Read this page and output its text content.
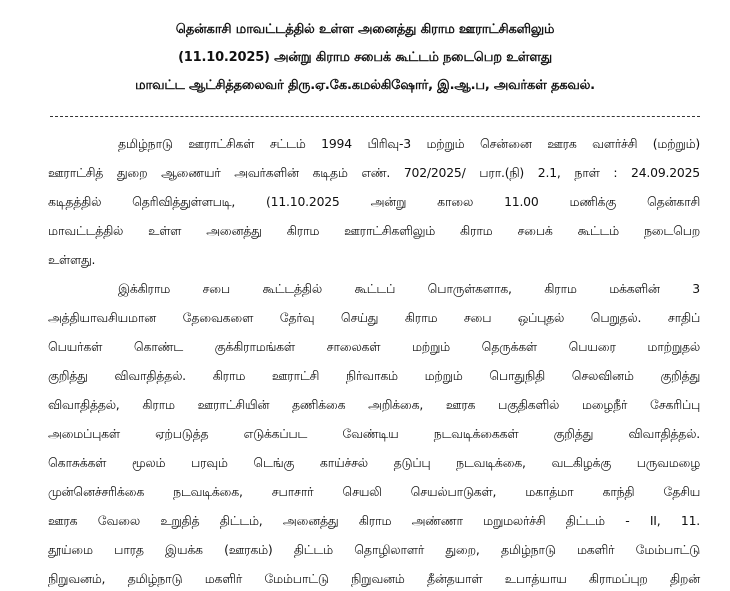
தென்காசி மாவட்டத்தில் உள்ள அனைத்து கிராம ஊராட்சிகளிலும்
(11.10.2025) அன்று கிராம சபைக் கூட்டம் நடைபெற உள்ளது
மாவட்ட ஆட்சித்தலைவர் திரு.ஏ.கே.கமல்கிஷோர், இ.ஆ.ப, அவர்கள் தகவல்.
தமிழ்நாடு ஊராட்சிகள் சட்டம் 1994 பிரிவு-3 மற்றும் சென்னை ஊரக வளர்ச்சி (மற்றும்)
ஊராட்சித் துறை ஆணையர் அவர்களின் கடிதம் எண். 702/2025/ பரா.(நி) 2.1, நாள் : 24.09.2025
கடிதத்தில் தெரிவித்துள்ளபடி, (11.10.2025 அன்று காலை 11.00 மணிக்கு தென்காசி
மாவட்டத்தில் உள்ள அனைத்து கிராம ஊராட்சிகளிலும் கிராம சபைக் கூட்டம் நடைபெற
உள்ளது.
இக்கிராம சபை கூட்டத்தில் கூட்டப் பொருள்களாக, கிராம மக்களின் 3
அத்தியாவசியமான தேவைகளை தேர்வு செய்து கிராம சபை ஒப்புதல் பெறுதல். சாதிப்
பெயர்கள் கொண்ட குக்கிராமங்கள் சாலைகள் மற்றும் தெருக்கள் பெயரை மாற்றுதல்
குறித்து விவாதித்தல். கிராம ஊராட்சி நிர்வாகம் மற்றும் பொதுநிதி செலவினம் குறித்து
விவாதித்தல், கிராம ஊராட்சியின் தணிக்கை அறிக்கை, ஊரக பகுதிகளில் மழைநீர் சேகரிப்பு
அமைப்புகள் ஏற்படுத்த எடுக்கப்பட வேண்டிய நடவடிக்கைகள் குறித்து விவாதித்தல்.
கொசுக்கள் மூலம் பரவும் டெங்கு காய்ச்சல் தடுப்பு நடவடிக்கை, வடகிழக்கு பருவமழை
முன்னெச்சரிக்கை நடவடிக்கை, சபாசார் செயலி செயல்பாடுகள், மகாத்மா காந்தி தேசிய
ஊரக வேலை உறுதித் திட்டம், அனைத்து கிராம அண்ணா மறுமலர்ச்சி திட்டம் - II, 11.
தூய்மை பாரத இயக்க (ஊரகம்) திட்டம் தொழிலாளர் துறை, தமிழ்நாடு மகளிர் மேம்பாட்டு
நிறுவனம், தமிழ்நாடு மகளிர் மேம்பாட்டு நிறுவனம் தீன்தயாள் உபாத்யாய கிராமப்புற திறன்
